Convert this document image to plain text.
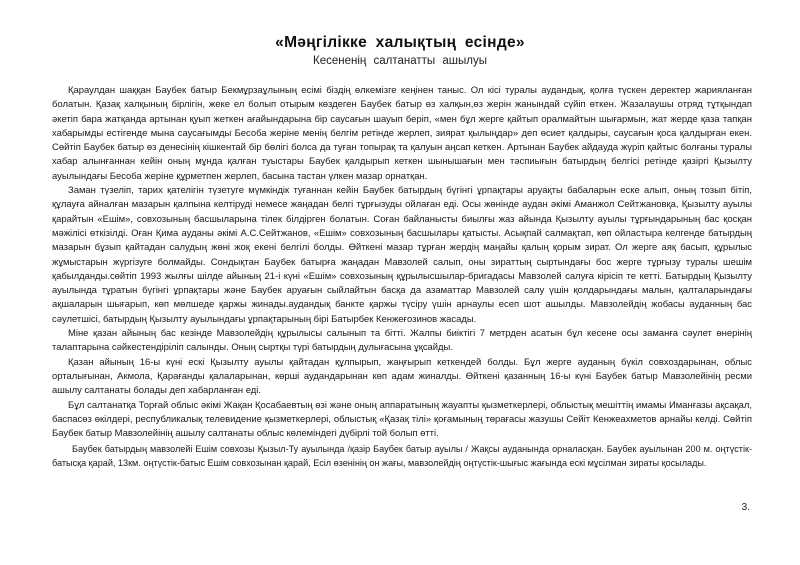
«Мәңгілікке халықтың есінде»
Кесененің салтанатты ашылуы

Қараулдан шаққан Баубек батыр Бекмұрзаұлының есімі біздің өлкемізге кеңінен таныс. Ол кісі туралы аудандық, қолға түскен деректер жарияланған болатын. Қазақ халқының бірлігін, жеке ел болып отырым көздеген Баубек батыр өз халқын,өз жерін жанындай сүйіп өткен. Жазалаушы отряд тұтқындап әкетіп бара жатқанда артынан қуып жеткен ағайындарына бір саусағын шауып беріп, «мен бұл жерге қайтып оралмайтын шығармын, жат жерде қаза тапқан хабарымды естігенде мына саусағымды Бесоба жеріне менің белгім ретінде жерлеп, зиярат қылыңдар» деп өсиет қалдыры, саусағын қоса қалдырған екен. Сөйтіп Баубек батыр өз денесінің кішкентай бір бөлігі болса да туған топырақ та қалуын аңсап кеткен. Артынан Баубек айдауда жүріп қайтыс болғаны туралы хабар алынғаннан кейін оның мұнда қалған туыстары Баубек қалдырып кеткен шынышағын мен тәспиығын батырдың белгісі ретінде қазіргі Қызылту ауылындағы Бесоба жеріне құрметпен жерлеп, басына тастан үлкен мазар орнатқан.

Заман түзеліп, тарих қателігін түзетуге мүмкіндік туғаннан кейін Баубек батырдың бүгінгі ұрпақтары аруақты бабаларын еске алып, оның тозып бітіп, құлауға айналған мазарын қалпына келтіруді немесе жаңадан белгі тұрғызуды ойлаған еді. Осы жөнінде аудан әкімі Аманжол Сейтжановқа, Қызылту ауылы қарайтын «Ешім», совхозының басшыларына тілек білдірген болатын. Соған байланысты биылғы жаз айында Қызылту ауылы тұрғындарының бас қосқан мәжілісі өткізілді. Оған Қима ауданы әкімі А.С.Сейтжанов, «Ешім» совхозының басшылары қатысты. Асықпай салмақтап, көп ойластыра келгенде батырдың мазарын бұзып қайтадан салудың жөні жоқ екені белгілі болды. Өйткені мазар тұрған жердің маңайы қалың қорым зират. Ол жерге аяқ басып, құрылыс жұмыстарын жүргізуге болмайды. Сондықтан Баубек батырға жаңадан Мавзолей салып, оны зираттың сыртындағы бос жерге тұрғызу туралы шешім қабылданды.сөйтіп 1993 жылғы шілде айының 21-і күні «Ешім» совхозының құрылысшылар-бригадасы Мавзолей салуға кірісіп те кетті. Батырдың Қызылту ауылында тұратын бүгінгі ұрпақтары және Баубек аруағын сыйлайтын басқа да азаматтар Мавзолей салу үшін қолдарындағы малын, қалталарындағы ақшаларын шығарып, көп мөлшеде қаржы жинады.аудандық банкте қаржы түсіру үшін арнаулы есеп шот ашылды. Мавзолейдің жобасы ауданның бас сәулетшісі, батырдың Қызылту ауылындағы ұрпақтарының бірі Батырбек Кенжеғозинов жасады.

Міне қазан айының бас кезінде Мавзолейдің құрылысы салынып та бітті. Жалпы биіктігі 7 метрден асатын бұл кесене осы заманға сәулет өнерінің талаптарына сәйкестендіріліп салынды. Оның сыртқы түрі батырдың дулығасына ұқсайды.

Қазан айының 16-ы күні ескі Қызылту ауылы қайтадан құлпырып, жаңғырып кеткендей болды. Бұл жерге ауданың бүкіл совхоздарынан, облыс орталығынан, Акмола, Қарағанды қалаларынан, көрші аудандарынан көп адам жиналды. Өйткені қазанның 16-ы күні Баубек батыр Мавзолейінің ресми ашылу салтанаты болады деп хабарланған еді.

Бұл салтанатқа Торғай облыс әкімі Жақан Қосабаевтың өзі және оның аппаратының жауапты қызметкерлері, облыстық мешіттің имамы Иманғазы ақсақал, баспасөз өкілдері, республикалық телевидение қызметкерлері, облыстық «Қазақ тілі» қоғамының төрағасы жазушы Сейіт Кенжеахметов арнайы келді. Сөйтіп Баубек батыр Мавзолейінің ашылу салтанаты облыс көлеміндегі дүбірлі той болып өтті.

Баубек батырдың мавзолейі Ешім совхозы Қызыл-Ту ауылында /қазір Баубек батыр ауылы / Жақсы ауданында орналасқан. Баубек ауылынан 200 м. оңтүстік-батысқа қарай, 13км. оңтүстік-батыс Ешім совхозынан қарай, Есіл өзенінің он жағы, мавзолейдің оңтүстік-шығыс жағында ескі мұсілман зираты қосылады.

3.
